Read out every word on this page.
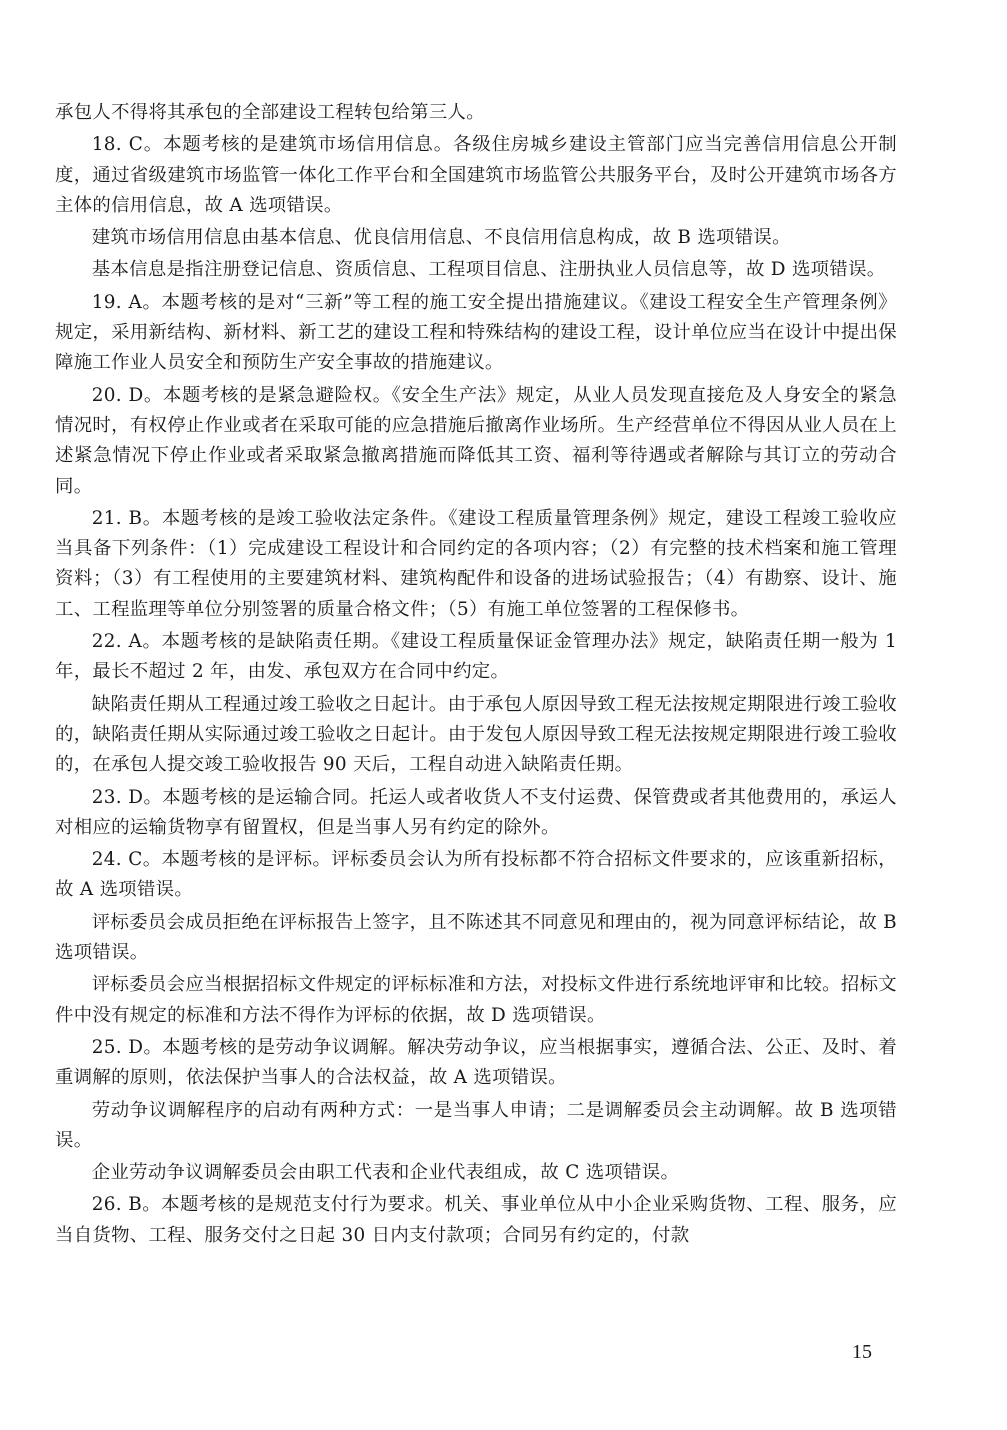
承包人不得将其承包的全部建设工程转包给第三人。

18. C。本题考核的是建筑市场信用信息。各级住房城乡建设主管部门应当完善信用信息公开制度，通过省级建筑市场监管一体化工作平台和全国建筑市场监管公共服务平台，及时公开建筑市场各方主体的信用信息，故 A 选项错误。

建筑市场信用信息由基本信息、优良信用信息、不良信用信息构成，故 B 选项错误。

基本信息是指注册登记信息、资质信息、工程项目信息、注册执业人员信息等，故 D 选项错误。

19. A。本题考核的是对“三新”等工程的施工安全提出措施建议。《建设工程安全生产管理条例》规定，采用新结构、新材料、新工艺的建设工程和特殊结构的建设工程，设计单位应当在设计中提出保障施工作业人员安全和预防生产安全事故的措施建议。

20. D。本题考核的是紧急避险权。《安全生产法》规定，从业人员发现直接危及人身安全的紧急情况时，有权停止作业或者在采取可能的应急措施后撤离作业场所。生产经营单位不得因从业人员在上述紧急情况下停止作业或者采取紧急撤离措施而降低其工资、福利等待遇或者解除与其订立的劳动合同。

21. B。本题考核的是竣工验收法定条件。《建设工程质量管理条例》规定，建设工程竣工验收应当具备下列条件：（1）完成建设工程设计和合同约定的各项内容；（2）有完整的技术档案和施工管理资料；（3）有工程使用的主要建筑材料、建筑构配件和设备的进场试验报告；（4）有勘察、设计、施工、工程监理等单位分别签署的质量合格文件；（5）有施工单位签署的工程保修书。

22. A。本题考核的是缺陷责任期。《建设工程质量保证金管理办法》规定，缺陷责任期一般为 1 年，最长不超过 2 年，由发、承包双方在合同中约定。

缺陷责任期从工程通过竣工验收之日起计。由于承包人原因导致工程无法按规定期限进行竣工验收的，缺陷责任期从实际通过竣工验收之日起计。由于发包人原因导致工程无法按规定期限进行竣工验收的，在承包人提交竣工验收报告 90 天后，工程自动进入缺陷责任期。

23. D。本题考核的是运输合同。托运人或者收货人不支付运费、保管费或者其他费用的，承运人对相应的运输货物享有留置权，但是当事人另有约定的除外。

24. C。本题考核的是评标。评标委员会认为所有投标都不符合招标文件要求的，应该重新招标，故 A 选项错误。

评标委员会成员拒绝在评标报告上签字，且不陈述其不同意见和理由的，视为同意评标结论，故 B 选项错误。

评标委员会应当根据招标文件规定的评标标准和方法，对投标文件进行系统地评审和比较。招标文件中没有规定的标准和方法不得作为评标的依据，故 D 选项错误。

25. D。本题考核的是劳动争议调解。解决劳动争议，应当根据事实，遵循合法、公正、及时、着重调解的原则，依法保护当事人的合法权益，故 A 选项错误。

劳动争议调解程序的启动有两种方式：一是当事人申请；二是调解委员会主动调解。故 B 选项错误。

企业劳动争议调解委员会由职工代表和企业代表组成，故 C 选项错误。

26. B。本题考核的是规范支付行为要求。机关、事业单位从中小企业采购货物、工程、服务，应当自货物、工程、服务交付之日起 30 日内支付款项；合同另有约定的，付款

15
